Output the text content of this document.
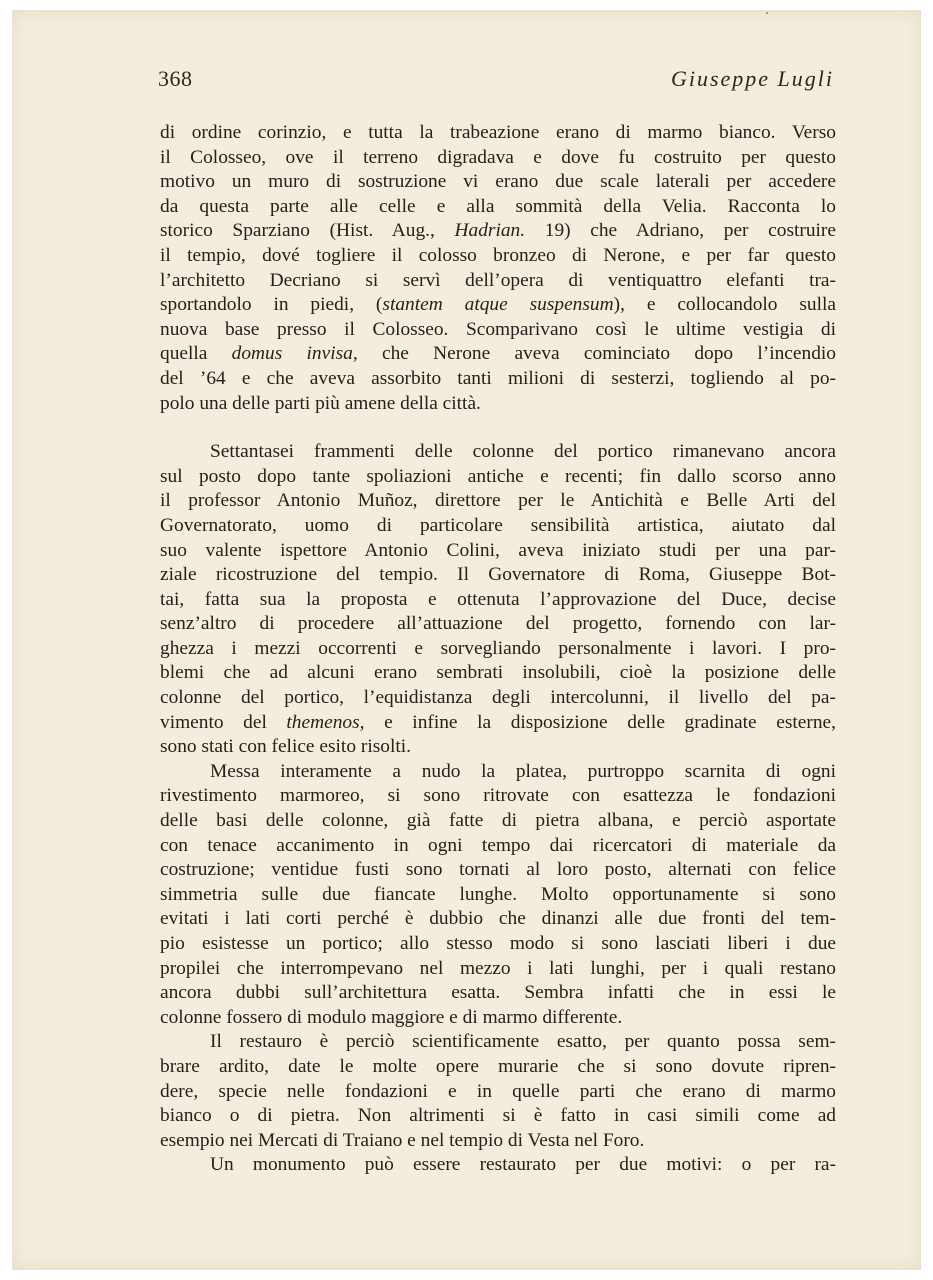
368	Giuseppe Lugli

di ordine corinzio, e tutta la trabeazione erano di marmo bianco. Verso
il Colosseo, ove il terreno digradava e dove fu costruito per questo
motivo un muro di sostruzione vi erano due scale laterali per accedere
da questa parte alle celle e alla sommità della Velia. Racconta lo
storico Sparziano (Hist. Aug., Hadrian. 19) che Adriano, per costruire
il tempio, dové togliere il colosso bronzeo di Nerone, e per far questo
l’architetto Decriano si servì dell’opera di ventiquattro elefanti tra-
sportandolo in piedi, (stantem atque suspensum), e collocandolo sulla
nuova base presso il Colosseo. Scomparivano così le ultime vestigia di
quella domus invisa, che Nerone aveva cominciato dopo l’incendio
del ’64 e che aveva assorbito tanti milioni di sesterzi, togliendo al po-
polo una delle parti più amene della città.

Settantasei frammenti delle colonne del portico rimanevano ancora
sul posto dopo tante spoliazioni antiche e recenti; fin dallo scorso anno
il professor Antonio Muñoz, direttore per le Antichità e Belle Arti del
Governatorato, uomo di particolare sensibilità artistica, aiutato dal
suo valente ispettore Antonio Colini, aveva iniziato studi per una par-
ziale ricostruzione del tempio. Il Governatore di Roma, Giuseppe Bot-
tai, fatta sua la proposta e ottenuta l’approvazione del Duce, decise
senz’altro di procedere all’attuazione del progetto, fornendo con lar-
ghezza i mezzi occorrenti e sorvegliando personalmente i lavori. I pro-
blemi che ad alcuni erano sembrati insolubili, cioè la posizione delle
colonne del portico, l’equidistanza degli intercolunni, il livello del pa-
vimento del themenos, e infine la disposizione delle gradinate esterne,
sono stati con felice esito risolti.

Messa interamente a nudo la platea, purtroppo scarnita di ogni
rivestimento marmoreo, si sono ritrovate con esattezza le fondazioni
delle basi delle colonne, già fatte di pietra albana, e perciò asportate
con tenace accanimento in ogni tempo dai ricercatori di materiale da
costruzione; ventidue fusti sono tornati al loro posto, alternati con felice
simmetria sulle due fiancate lunghe. Molto opportunamente si sono
evitati i lati corti perché è dubbio che dinanzi alle due fronti del tem-
pio esistesse un portico; allo stesso modo si sono lasciati liberi i due
propilei che interrompevano nel mezzo i lati lunghi, per i quali restano
ancora dubbi sull’architettura esatta. Sembra infatti che in essi le
colonne fossero di modulo maggiore e di marmo differente.

Il restauro è perciò scientificamente esatto, per quanto possa sem-
brare ardito, date le molte opere murarie che si sono dovute ripren-
dere, specie nelle fondazioni e in quelle parti che erano di marmo
bianco o di pietra. Non altrimenti si è fatto in casi simili come ad
esempio nei Mercati di Traiano e nel tempio di Vesta nel Foro.

Un monumento può essere restaurato per due motivi: o per ra-
